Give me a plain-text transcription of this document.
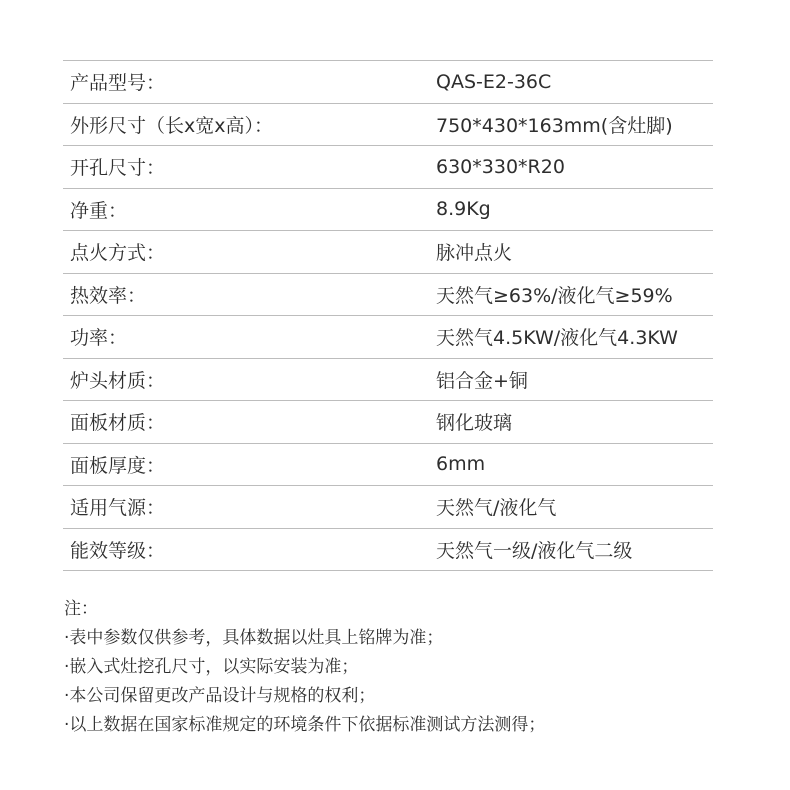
产品型号：	QAS-E2-36C
外形尺寸（长x宽x高）：	750*430*163mm(含灶脚)
开孔尺寸：	630*330*R20
净重：	8.9Kg
点火方式：	脉冲点火
热效率：	天然气≥63%/液化气≥59%
功率：	天然气4.5KW/液化气4.3KW
炉头材质：	铝合金+铜
面板材质：	钢化玻璃
面板厚度：	6mm
适用气源：	天然气/液化气
能效等级：	天然气一级/液化气二级
注：
·表中参数仅供参考，具体数据以灶具上铭牌为准；
·嵌入式灶挖孔尺寸，以实际安装为准；
·本公司保留更改产品设计与规格的权利；
·以上数据在国家标准规定的环境条件下依据标准测试方法测得；
